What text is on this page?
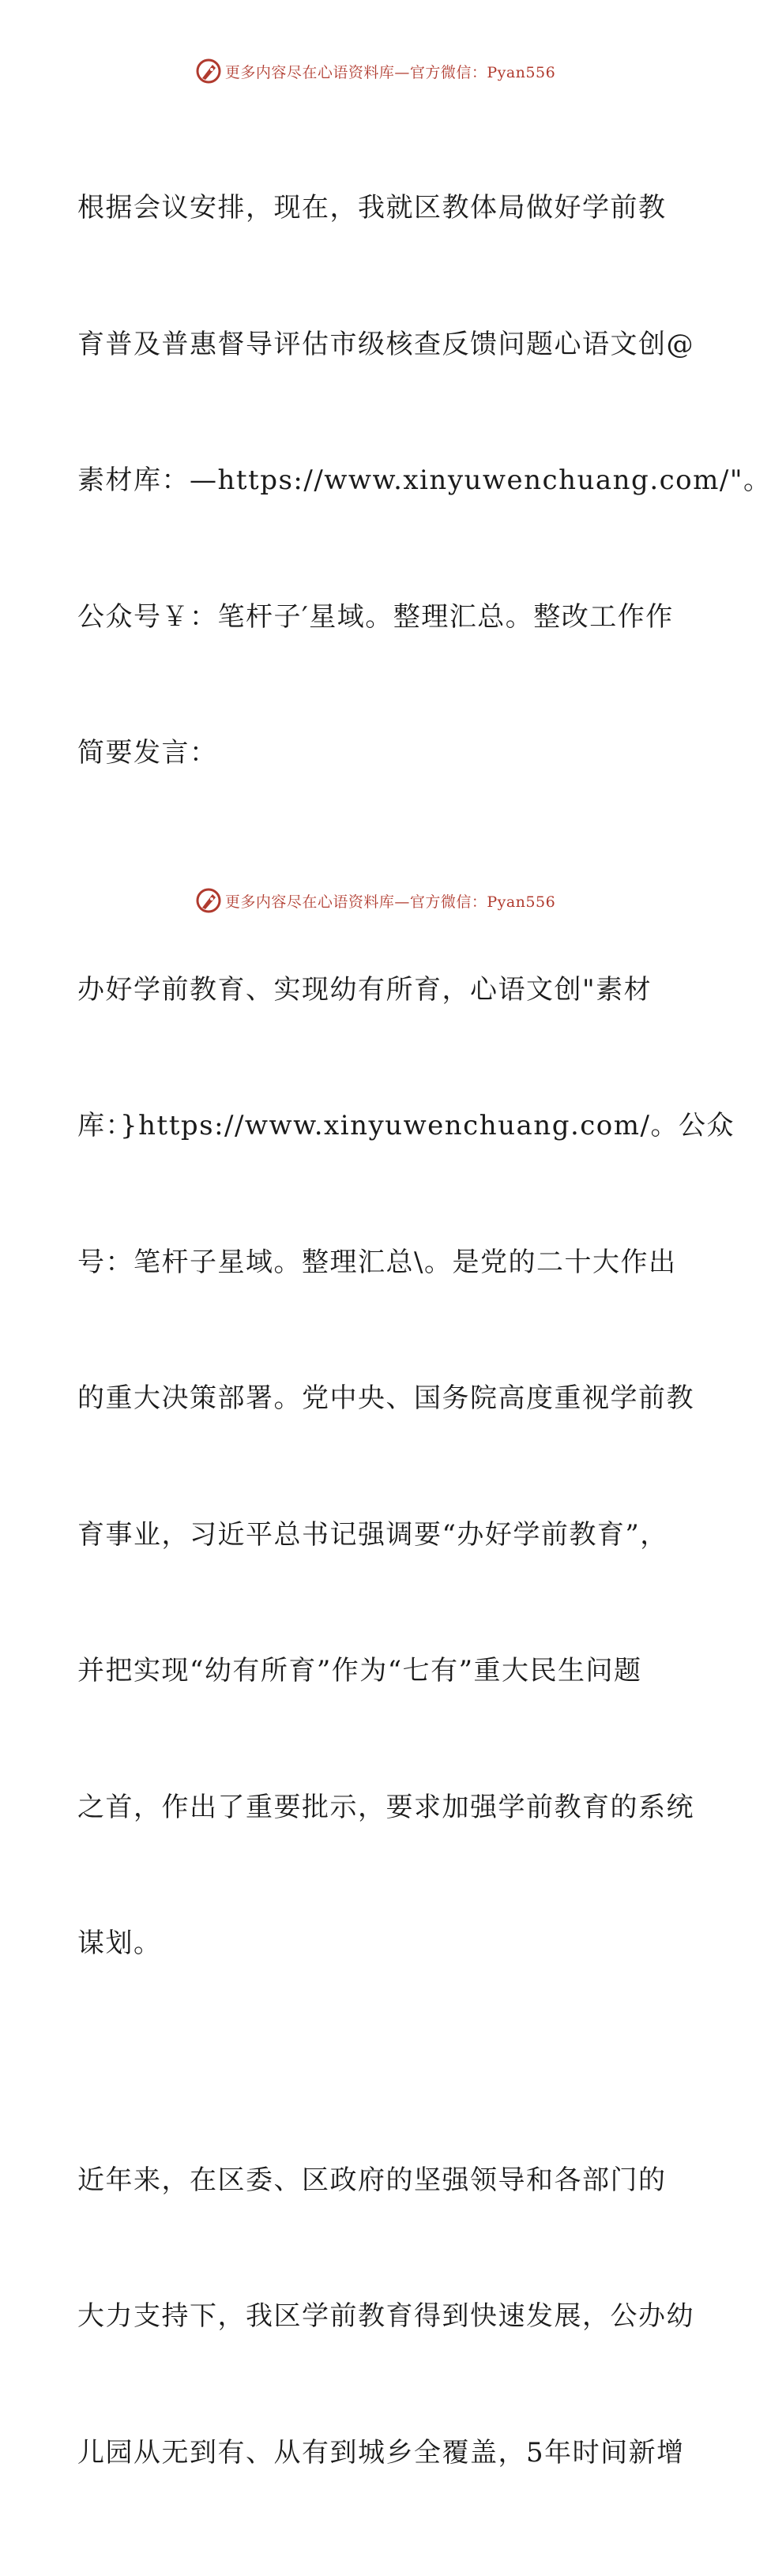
更多内容尽在心语资料库—官方微信：Pyan556

根据会议安排，现在，我就区教体局做好学前教

育普及普惠督导评估市级核查反馈问题心语文创@

素材库：—https://www.xinyuwenchuang.com/"。

公众号￥：笔杆子′星域。整理汇总。整改工作作

简要发言：

办好学前教育、实现幼有所育，心语文创"素材

库：}https://www.xinyuwenchuang.com/。公众

号：笔杆子星域。整理汇总\。是党的二十大作出

的重大决策部署。党中央、国务院高度重视学前教

育事业，习近平总书记强调要“办好学前教育”，

并把实现“幼有所育”作为“七有”重大民生问题

之首，作出了重要批示，要求加强学前教育的系统

谋划。

近年来，在区委、区政府的坚强领导和各部门的

大力支持下，我区学前教育得到快速发展，公办幼

儿园从无到有、从有到城乡全覆盖，5年时间新增

更多内容尽在心语资料库—官方微信：Pyan556
